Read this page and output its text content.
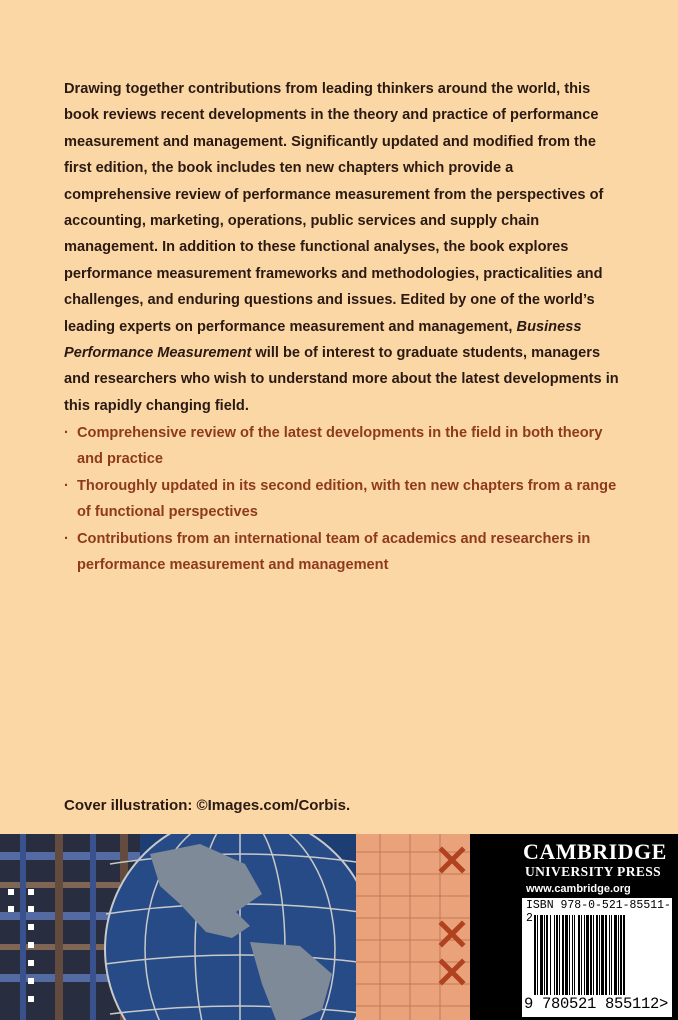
Drawing together contributions from leading thinkers around the world, this book reviews recent developments in the theory and practice of performance measurement and management. Significantly updated and modified from the first edition, the book includes ten new chapters which provide a comprehensive review of performance measurement from the perspectives of accounting, marketing, operations, public services and supply chain management. In addition to these functional analyses, the book explores performance measurement frameworks and methodologies, practicalities and challenges, and enduring questions and issues. Edited by one of the world’s leading experts on performance measurement and management, Business Performance Measurement will be of interest to graduate students, managers and researchers who wish to understand more about the latest developments in this rapidly changing field.

· Comprehensive review of the latest developments in the field in both theory and practice
· Thoroughly updated in its second edition, with ten new chapters from a range of functional perspectives
· Contributions from an international team of academics and researchers in performance measurement and management
Cover illustration: ©Images.com/Corbis.

CAMBRIDGE

UNIVERSITY PRESS

www.cambridge.org

ISBN 978-0-521-85511-2
9 780521 855112>
